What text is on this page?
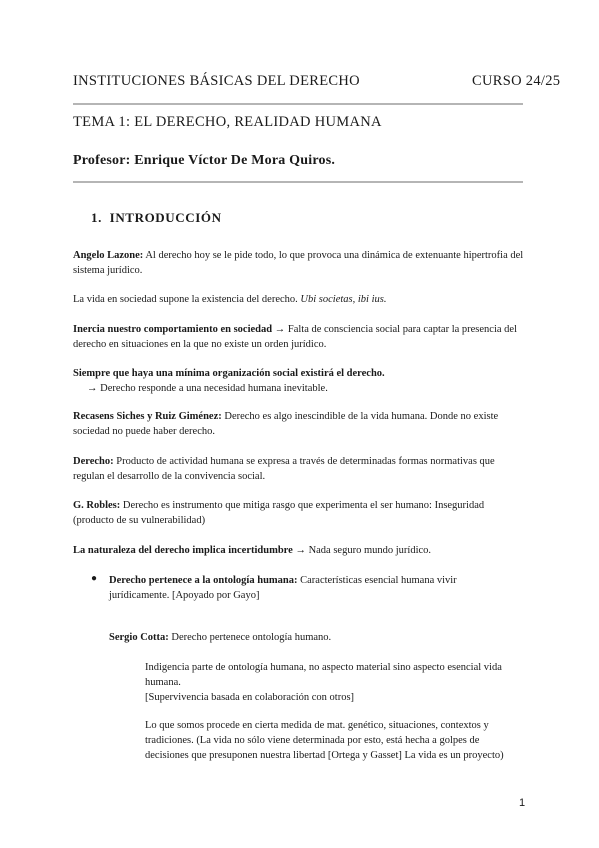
INSTITUCIONES BÁSICAS DEL DERECHO	CURSO 24/25
TEMA 1: EL DERECHO, REALIDAD HUMANA
Profesor: Enrique Víctor De Mora Quiros.
1. INTRODUCCIÓN
Angelo Lazone: Al derecho hoy se le pide todo, lo que provoca una dinámica de extenuante hipertrofia del sistema jurídico.
La vida en sociedad supone la existencia del derecho. Ubi societas, ibi ius.
Inercia nuestro comportamiento en sociedad → Falta de consciencia social para captar la presencia del derecho en situaciones en la que no existe un orden jurídico.
Siempre que haya una mínima organización social existirá el derecho.
→ Derecho responde a una necesidad humana inevitable.
Recasens Siches y Ruiz Giménez: Derecho es algo inescindible de la vida humana. Donde no existe sociedad no puede haber derecho.
Derecho: Producto de actividad humana se expresa a través de determinadas formas normativas que regulan el desarrollo de la convivencia social.
G. Robles: Derecho es instrumento que mitiga rasgo que experimenta el ser humano: Inseguridad (producto de su vulnerabilidad)
La naturaleza del derecho implica incertidumbre → Nada seguro mundo jurídico.
● Derecho pertenece a la ontología humana: Características esencial humana vivir jurídicamente. [Apoyado por Gayo]
Sergio Cotta: Derecho pertenece ontología humano.
Indigencia parte de ontología humana, no aspecto material sino aspecto esencial vida humana.
[Supervivencia basada en colaboración con otros]
Lo que somos procede en cierta medida de mat. genético, situaciones, contextos y tradiciones. (La vida no sólo viene determinada por esto, está hecha a golpes de decisiones que presuponen nuestra libertad [Ortega y Gasset] La vida es un proyecto)
1
